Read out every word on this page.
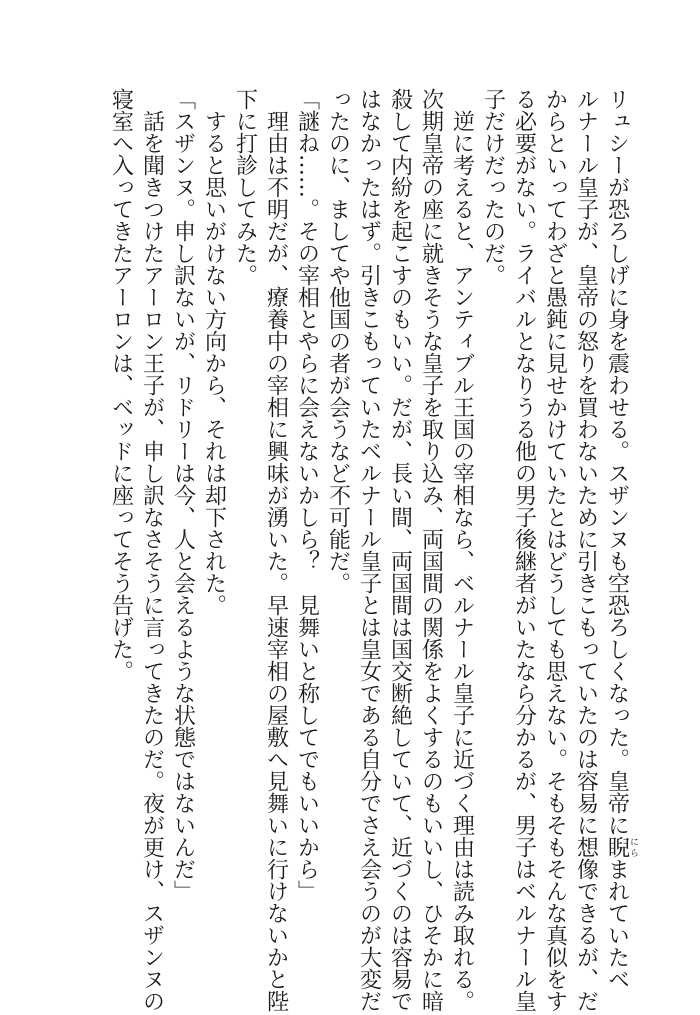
リュシーが恐ろしげに身を震わせる。スザンヌも空恐ろしくなった。皇帝に睨にらまれていたベ
ルナール皇子が、皇帝の怒りを買わないために引きこもっていたのは容易に想像できるが、だ
からといってわざと愚鈍に見せかけていたとはどうしても思えない。そもそもそんな真似をす
る必要がない。ライバルとなりうる他の男子後継者がいたなら分かるが、男子はベルナール皇
子だけだったのだ。
　逆に考えると、アンティブル王国の宰相なら、ベルナール皇子に近づく理由は読み取れる。
次期皇帝の座に就きそうな皇子を取り込み、両国間の関係をよくするのもいいし、ひそかに暗
殺して内紛を起こすのもいい。だが、長い間、両国間は国交断絶していて、近づくのは容易で
はなかったはず。引きこもっていたベルナール皇子とは皇女である自分でさえ会うのが大変だ
ったのに、ましてや他国の者が会うなど不可能だ。
「謎ね……。その宰相とやらに会えないかしら？　見舞いと称してでもいいから」
　理由は不明だが、療養中の宰相に興味が湧いた。早速宰相の屋敷へ見舞いに行けないかと陛
下に打診してみた。
　すると思いがけない方向から、それは却下された。
「スザンヌ。申し訳ないが、リドリーは今、人と会えるような状態ではないんだ」
　話を聞きつけたアーロン王子が、申し訳なさそうに言ってきたのだ。夜が更け、スザンヌの
寝室へ入ってきたアーロンは、ベッドに座ってそう告げた。
